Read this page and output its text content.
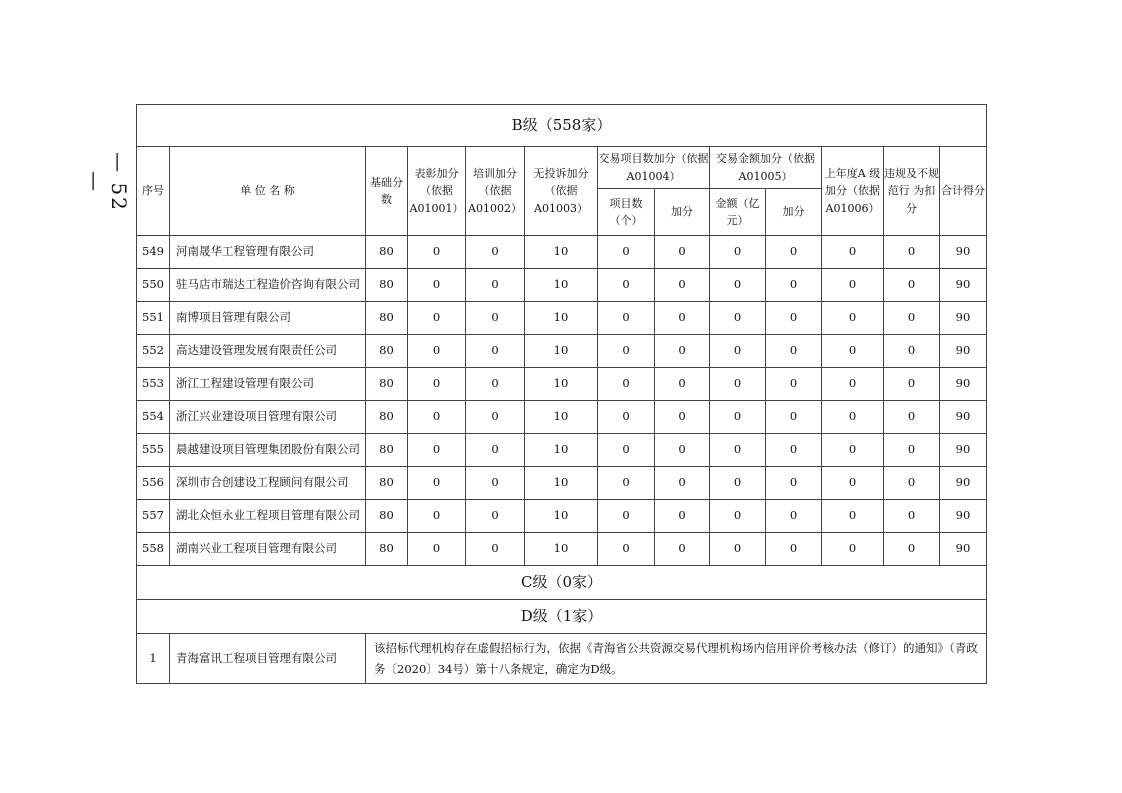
— 52 —
B级（558家）												
序号	单 位 名 称	基础分数	表彰加分（依据A01001）	培训加分（依据A01002）	无投诉加分（依据A01003）	交易项目数加分（依据 A01004）		交易金额加分（依据 A01005）		上年度A 级加分（依据A01006）	违规及不规范行 为扣 分	合计得分
						项目数（个）	加分	金额（亿元）	加分			
549	河南晟华工程管理有限公司	80	0	0	10	0	0	0	0	0	0	90
550	驻马店市瑞达工程造价咨询有限公司	80	0	0	10	0	0	0	0	0	0	90
551	南博项目管理有限公司	80	0	0	10	0	0	0	0	0	0	90
552	高达建设管理发展有限责任公司	80	0	0	10	0	0	0	0	0	0	90
553	浙江工程建设管理有限公司	80	0	0	10	0	0	0	0	0	0	90
554	浙江兴业建设项目管理有限公司	80	0	0	10	0	0	0	0	0	0	90
555	晨越建设项目管理集团股份有限公司	80	0	0	10	0	0	0	0	0	0	90
556	深圳市合创建设工程顾问有限公司	80	0	0	10	0	0	0	0	0	0	90
557	湖北众恒永业工程项目管理有限公司	80	0	0	10	0	0	0	0	0	0	90
558	湖南兴业工程项目管理有限公司	80	0	0	10	0	0	0	0	0	0	90
C级（0家）												
D级（1家）												
1	青海富讯工程项目管理有限公司	该招标代理机构存在虚假招标行为，依据《青海省公共资源交易代理机构场内信用评价考核办法（修订）的通知》（青政务〔2020〕34号）第十八条规定，确定为D级。										
